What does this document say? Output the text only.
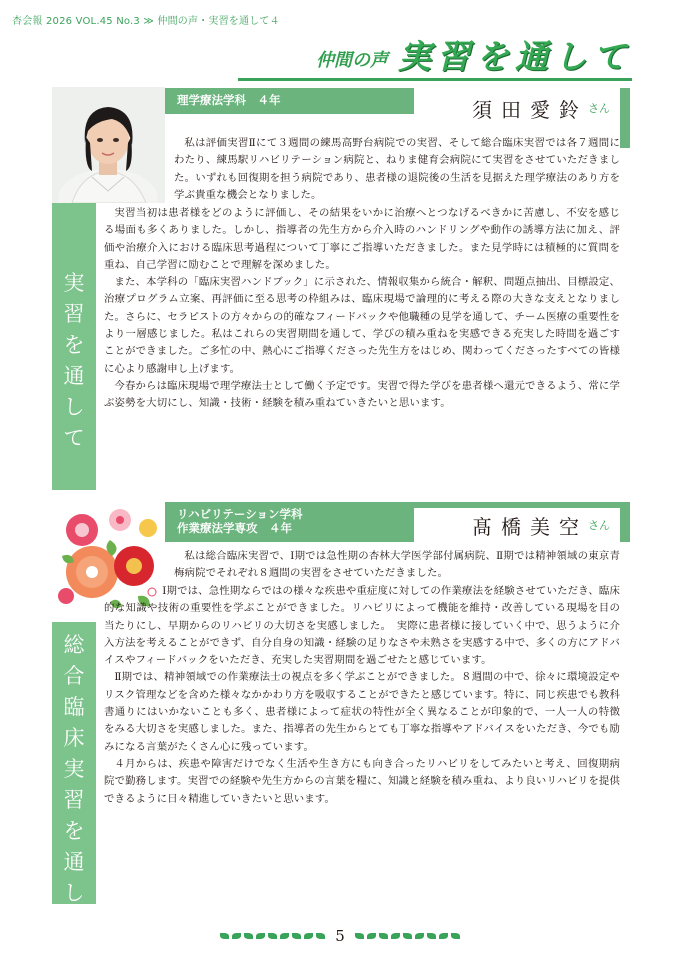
杏会報 2026 VOL.45 No.3 ≫ 仲間の声・実習を通して４
仲間の声 実習を通して
実
習
を
通
し
て
理学療法学科　４年	須田愛鈴 さん

私は評価実習Ⅱにて３週間の練馬高野台病院での実習、そして総合臨床実習では各７週間にわたり、練馬駅リハビリテーション病院と、ねりま健育会病院にて実習をさせていただきました。いずれも回復期を担う病院であり、患者様の退院後の生活を見据えた理学療法のあり方を学ぶ貴重な機会となりました。

実習当初は患者様をどのように評価し、その結果をいかに治療へとつなげるべきかに苦慮し、不安を感じる場面も多くありました。しかし、指導者の先生方から介入時のハンドリングや動作の誘導方法に加え、評価や治療介入における臨床思考過程について丁寧にご指導いただきました。また見学時には積極的に質問を重ね、自己学習に励むことで理解を深めました。

また、本学科の「臨床実習ハンドブック」に示された、情報収集から統合・解釈、問題点抽出、目標設定、治療プログラム立案、再評価に至る思考の枠組みは、臨床現場で論理的に考える際の大きな支えとなりました。さらに、セラピストの方々からの的確なフィードバックや他職種の見学を通して、チーム医療の重要性をより一層感じました。私はこれらの実習期間を通して、学びの積み重ねを実感できる充実した時間を過ごすことができました。ご多忙の中、熱心にご指導くださった先生方をはじめ、関わってくださったすべての皆様に心より感謝申し上げます。

今春からは臨床現場で理学療法士として働く予定です。実習で得た学びを患者様へ還元できるよう、常に学ぶ姿勢を大切にし、知識・技術・経験を積み重ねていきたいと思います。

総
合
臨
床
実
習
を
通
し
リハビリテーション学科
作業療法学専攻　４年	髙橋美空 さん

私は総合臨床実習で、Ⅰ期では急性期の杏林大学医学部付属病院、Ⅱ期では精神領域の東京青梅病院でそれぞれ８週間の実習をさせていただきました。

Ⅰ期では、急性期ならではの様々な疾患や重症度に対しての作業療法を経験させていただき、臨床的な知識や技術の重要性を学ぶことができました。リハビリによって機能を維持・改善している現場を目の当たりにし、早期からのリハビリの大切さを実感しました。　実際に患者様に接していく中で、思うように介入方法を考えることができず、自分自身の知識・経験の足りなさや未熟さを実感する中で、多くの方にアドバイスやフィードバックをいただき、充実した実習期間を過ごせたと感じています。

Ⅱ期では、精神領域での作業療法士の視点を多く学ぶことができました。８週間の中で、徐々に環境設定やリスク管理などを含めた様々なかかわり方を吸収することができたと感じています。特に、同じ疾患でも教科書通りにはいかないことも多く、患者様によって症状の特性が全く異なることが印象的で、一人一人の特徴をみる大切さを実感しました。また、指導者の先生からとても丁寧な指導やアドバイスをいただき、今でも励みになる言葉がたくさん心に残っています。

４月からは、疾患や障害だけでなく生活や生き方にも向き合ったリハビリをしてみたいと考え、回復期病院で勤務します。実習での経験や先生方からの言葉を糧に、知識と経験を積み重ね、より良いリハビリを提供できるように日々精進していきたいと思います。

5
